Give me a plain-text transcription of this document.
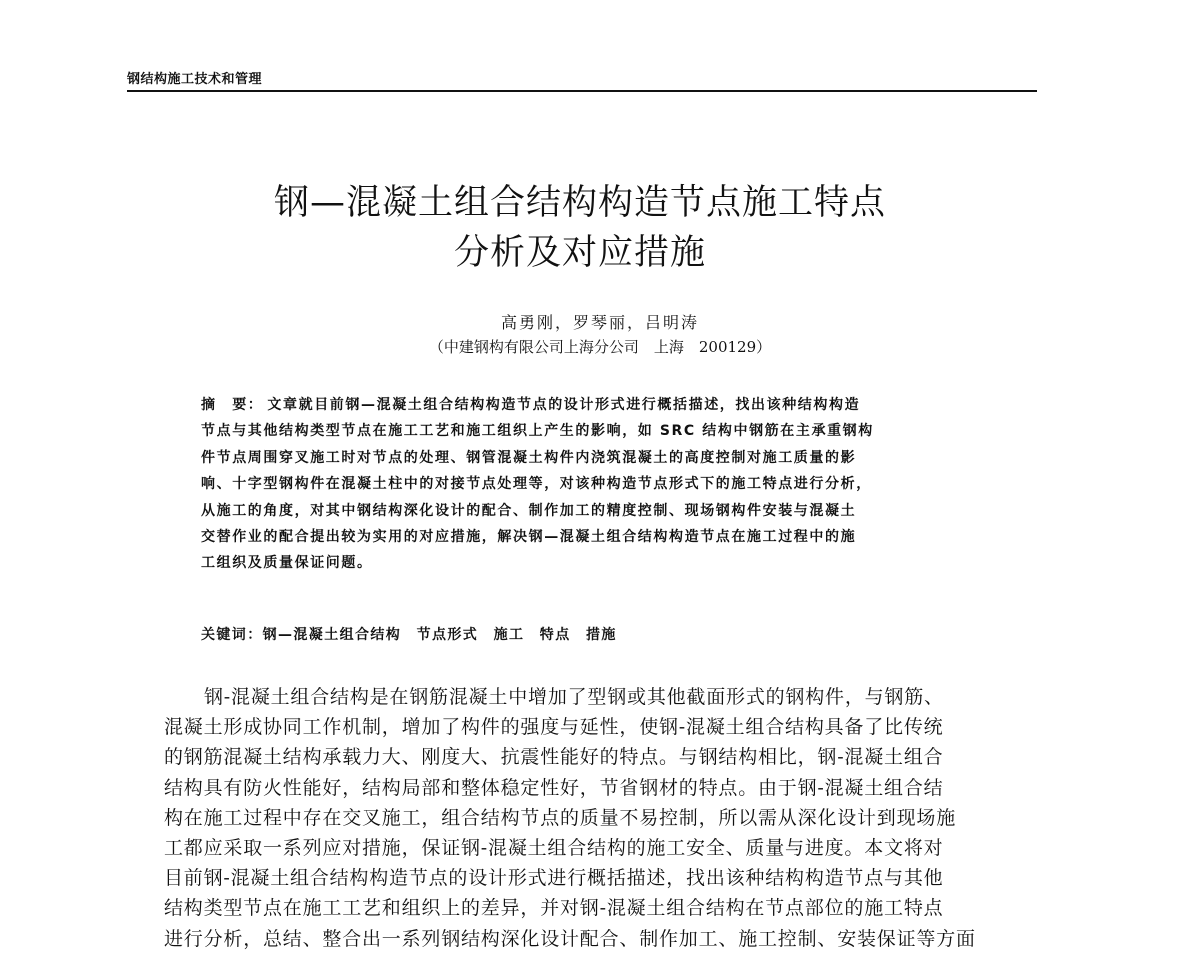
钢结构施工技术和管理
钢—混凝土组合结构构造节点施工特点
分析及对应措施
高勇刚，罗琴丽，吕明涛
（中建钢构有限公司上海分公司　上海　200129）
摘　要： 文章就目前钢—混凝土组合结构构造节点的设计形式进行概括描述，找出该种结构构造
节点与其他结构类型节点在施工工艺和施工组织上产生的影响，如 SRC 结构中钢筋在主承重钢构
件节点周围穿叉施工时对节点的处理、钢管混凝土构件内浇筑混凝土的高度控制对施工质量的影
响、十字型钢构件在混凝土柱中的对接节点处理等，对该种构造节点形式下的施工特点进行分析，
从施工的角度，对其中钢结构深化设计的配合、制作加工的精度控制、现场钢构件安装与混凝土
交替作业的配合提出较为实用的对应措施，解决钢—混凝土组合结构构造节点在施工过程中的施
工组织及质量保证问题。
关键词：钢—混凝土组合结构　节点形式　施工　特点　措施
钢-混凝土组合结构是在钢筋混凝土中增加了型钢或其他截面形式的钢构件，与钢筋、
混凝土形成协同工作机制，增加了构件的强度与延性，使钢-混凝土组合结构具备了比传统
的钢筋混凝土结构承载力大、刚度大、抗震性能好的特点。与钢结构相比，钢-混凝土组合
结构具有防火性能好，结构局部和整体稳定性好，节省钢材的特点。由于钢-混凝土组合结
构在施工过程中存在交叉施工，组合结构节点的质量不易控制，所以需从深化设计到现场施
工都应采取一系列应对措施，保证钢-混凝土组合结构的施工安全、质量与进度。本文将对
目前钢-混凝土组合结构构造节点的设计形式进行概括描述，找出该种结构构造节点与其他
结构类型节点在施工工艺和组织上的差异，并对钢-混凝土组合结构在节点部位的施工特点
进行分析，总结、整合出一系列钢结构深化设计配合、制作加工、施工控制、安装保证等方面
